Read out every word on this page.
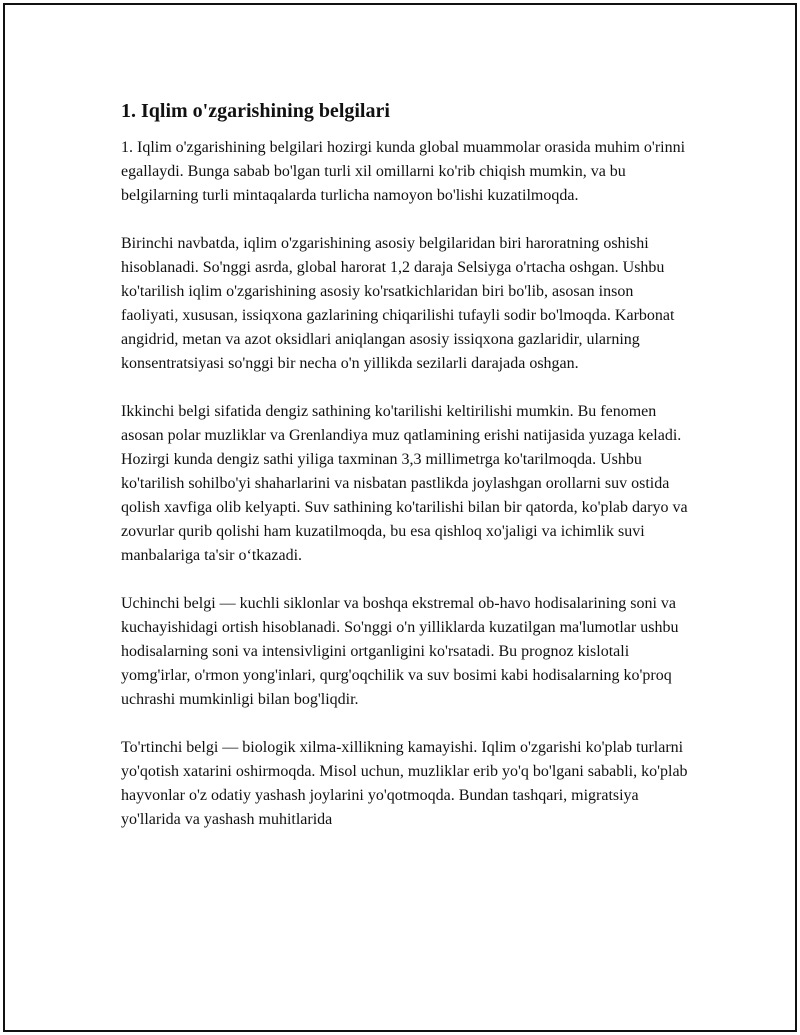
1. Iqlim o'zgarishining belgilari

1. Iqlim o'zgarishining belgilari hozirgi kunda global muammolar orasida muhim o'rinni egallaydi. Bunga sabab bo'lgan turli xil omillarni ko'rib chiqish mumkin, va bu belgilarning turli mintaqalarda turlicha namoyon bo'lishi kuzatilmoqda.

Birinchi navbatda, iqlim o'zgarishining asosiy belgilaridan biri haroratning oshishi hisoblanadi. So'nggi asrda, global harorat 1,2 daraja Selsiyga o'rtacha oshgan. Ushbu ko'tarilish iqlim o'zgarishining asosiy ko'rsatkichlaridan biri bo'lib, asosan inson faoliyati, xususan, issiqxona gazlarining chiqarilishi tufayli sodir bo'lmoqda. Karbonat angidrid, metan va azot oksidlari aniqlangan asosiy issiqxona gazlaridir, ularning konsentratsiyasi so'nggi bir necha o'n yillikda sezilarli darajada oshgan.

Ikkinchi belgi sifatida dengiz sathining ko'tarilishi keltirilishi mumkin. Bu fenomen asosan polar muzliklar va Grenlandiya muz qatlamining erishi natijasida yuzaga keladi. Hozirgi kunda dengiz sathi yiliga taxminan 3,3 millimetrga ko'tarilmoqda. Ushbu ko'tarilish sohilbo'yi shaharlarini va nisbatan pastlikda joylashgan orollarni suv ostida qolish xavfiga olib kelyapti. Suv sathining ko'tarilishi bilan bir qatorda, ko'plab daryo va zovurlar qurib qolishi ham kuzatilmoqda, bu esa qishloq xo'jaligi va ichimlik suvi manbalariga ta'sir o‘tkazadi.

Uchinchi belgi — kuchli siklonlar va boshqa ekstremal ob-havo hodisalarining soni va kuchayishidagi ortish hisoblanadi. So'nggi o'n yilliklarda kuzatilgan ma'lumotlar ushbu hodisalarning soni va intensivligini ortganligini ko'rsatadi. Bu prognoz kislotali yomg'irlar, o'rmon yong'inlari, qurg'oqchilik va suv bosimi kabi hodisalarning ko'proq uchrashi mumkinligi bilan bog'liqdir.

To'rtinchi belgi — biologik xilma-xillikning kamayishi. Iqlim o'zgarishi ko'plab turlarni yo'qotish xatarini oshirmoqda. Misol uchun, muzliklar erib yo'q bo'lgani sababli, ko'plab hayvonlar o'z odatiy yashash joylarini yo'qotmoqda. Bundan tashqari, migratsiya yo'llarida va yashash muhitlarida
